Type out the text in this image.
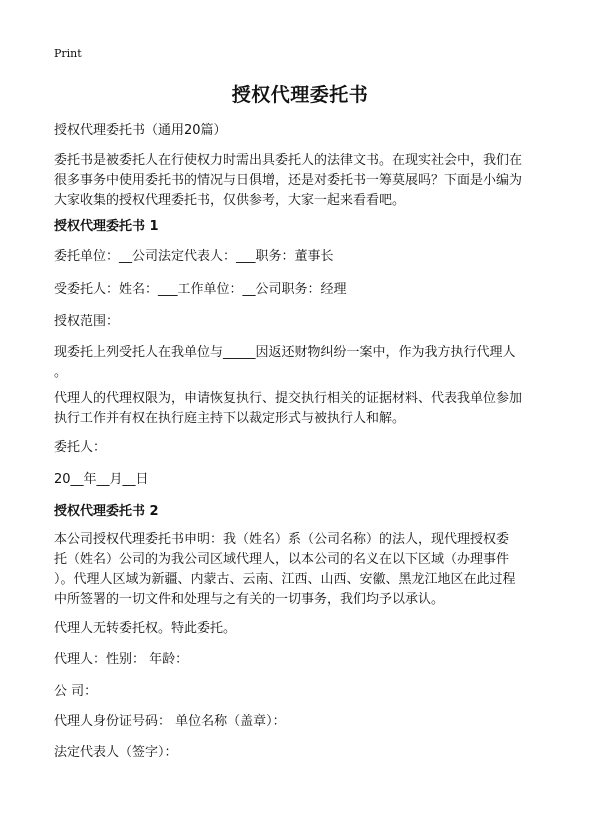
Print
授权代理委托书
授权代理委托书（通用20篇）
委托书是被委托人在行使权力时需出具委托人的法律文书。在现实社会中，我们在
很多事务中使用委托书的情况与日俱增，还是对委托书一筹莫展吗？下面是小编为
大家收集的授权代理委托书，仅供参考，大家一起来看看吧。
授权代理委托书 1
委托单位：__公司法定代表人：___职务：董事长
受委托人：姓名：___工作单位：__公司职务：经理
授权范围：
现委托上列受托人在我单位与_____因返还财物纠纷一案中，作为我方执行代理人
。
代理人的代理权限为，申请恢复执行、提交执行相关的证据材料、代表我单位参加
执行工作并有权在执行庭主持下以裁定形式与被执行人和解。
委托人：
20__年__月__日
授权代理委托书 2
本公司授权代理委托书申明：我（姓名）系（公司名称）的法人，现代理授权委
托（姓名）公司的为我公司区域代理人，以本公司的名义在以下区域（办理事件
）。代理人区域为新疆、内蒙古、云南、江西、山西、安徽、黑龙江地区在此过程
中所签署的一切文件和处理与之有关的一切事务，我们均予以承认。
代理人无转委托权。特此委托。
代理人：性别： 年龄：
公 司：
代理人身份证号码： 单位名称（盖章）：
法定代表人（签字）：
